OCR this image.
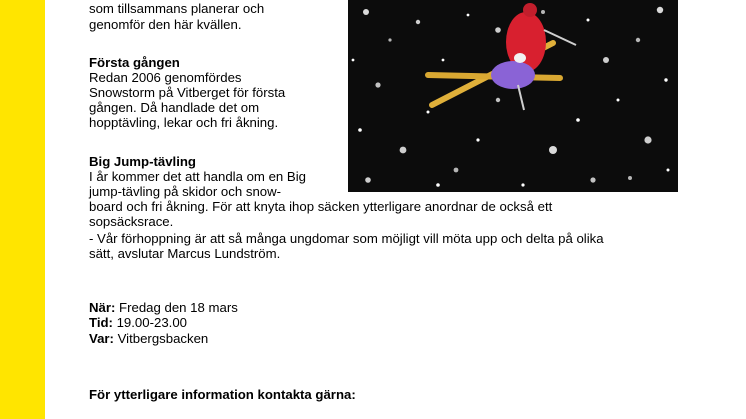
som tillsammans planerar och

genomför den här kvällen.

Första gången

Redan 2006 genomfördes

Snowstorm på Vitberget för första

gången. Då handlade det om

hopptävling, lekar och fri åkning.

Big Jump-tävling

I år kommer det att handla om en Big

jump-tävling på skidor och snow-

board och fri åkning. För att knyta ihop säcken ytterligare anordnar de också ett

sopsäcksrace.

- Vår förhoppning är att så många ungdomar som möjligt vill möta upp och delta på olika

sätt, avslutar Marcus Lundström.

När: Fredag den 18 mars

Tid: 19.00-23.00

Var: Vitbergsbacken

För ytterligare information kontakta gärna:
